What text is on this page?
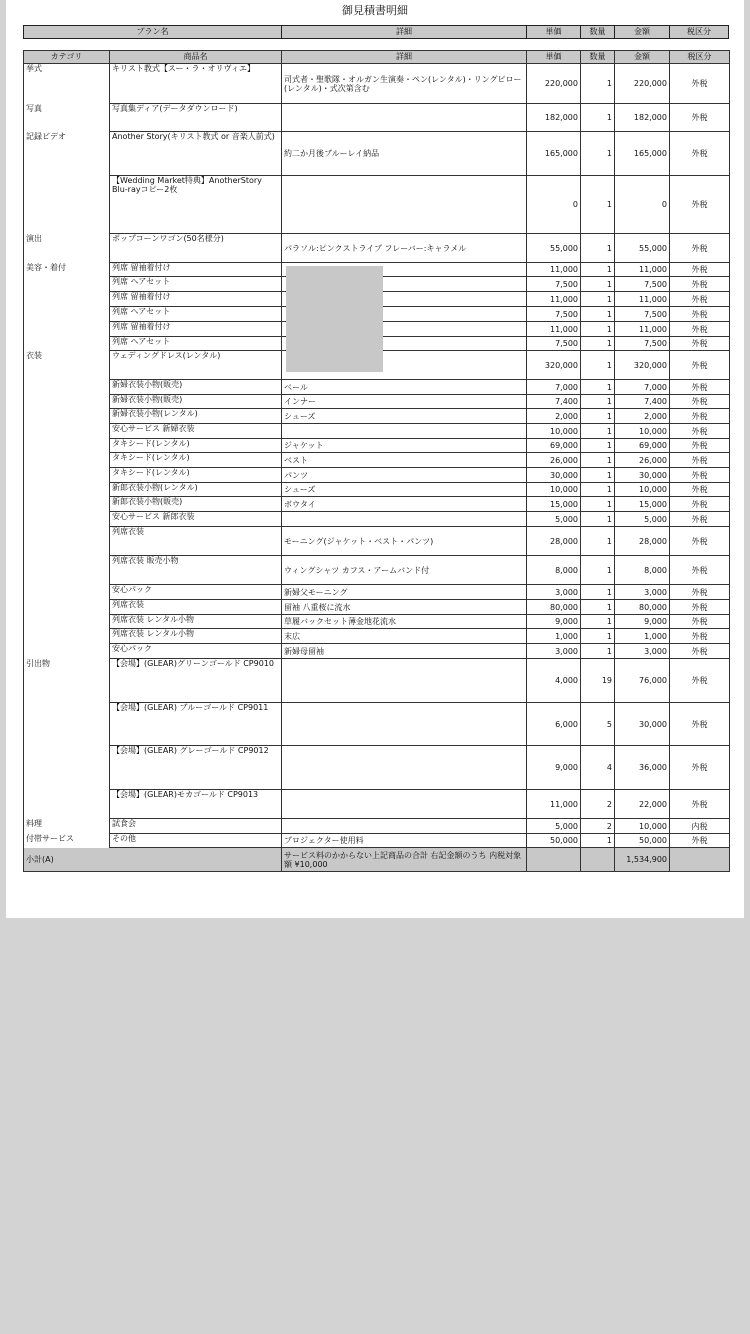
御見積書明細
プラン名	詳細	単価	数量	金額	税区分
カテゴリ	商品名	詳細	単価	数量	金額	税区分
挙式	キリスト教式【スー・ラ・オリヴィエ】	司式者・聖歌隊・オルガン生演奏・ペン(レンタル)・リングピロー(レンタル)・式次第含む	220,000	1	220,000	外税
写真	写真集ディア(データダウンロード)		182,000	1	182,000	外税
記録ビデオ	Another Story(キリスト教式 or 音楽人前式)	約二か月後ブルーレイ納品	165,000	1	165,000	外税
	【Wedding Market特典】AnotherStory Blu-rayコピー2枚		0	1	0	外税
演出	ポップコーンワゴン(50名様分)	パラソル:ピンクストライプ フレーバー:キャラメル	55,000	1	55,000	外税
美容・着付	列席 留袖着付け		11,000	1	11,000	外税
	列席 ヘアセット		7,500	1	7,500	外税
	列席 留袖着付け		11,000	1	11,000	外税
	列席 ヘアセット		7,500	1	7,500	外税
	列席 留袖着付け		11,000	1	11,000	外税
	列席 ヘアセット		7,500	1	7,500	外税
衣装	ウェディングドレス(レンタル)		320,000	1	320,000	外税
	新婦衣装小物(販売)	ベール	7,000	1	7,000	外税
	新婦衣装小物(販売)	インナー	7,400	1	7,400	外税
	新婦衣装小物(レンタル)	シューズ	2,000	1	2,000	外税
	安心サービス 新婦衣装		10,000	1	10,000	外税
	タキシード(レンタル)	ジャケット	69,000	1	69,000	外税
	タキシード(レンタル)	ベスト	26,000	1	26,000	外税
	タキシード(レンタル)	パンツ	30,000	1	30,000	外税
	新郎衣装小物(レンタル)	シューズ	10,000	1	10,000	外税
	新郎衣装小物(販売)	ボウタイ	15,000	1	15,000	外税
	安心サービス 新郎衣装		5,000	1	5,000	外税
	列席衣装	モーニング(ジャケット・ベスト・パンツ)	28,000	1	28,000	外税
	列席衣装 販売小物	ウィングシャツ カフス・アームバンド付	8,000	1	8,000	外税
	安心パック	新婦父モーニング	3,000	1	3,000	外税
	列席衣装	留袖 八重桜に流水	80,000	1	80,000	外税
	列席衣装 レンタル小物	草履バックセット薄金地花流水	9,000	1	9,000	外税
	列席衣装 レンタル小物	末広	1,000	1	1,000	外税
	安心パック	新婦母留袖	3,000	1	3,000	外税
引出物	【会場】(GLEAR)グリーンゴールド CP9010		4,000	19	76,000	外税
	【会場】(GLEAR) ブルーゴールド CP9011		6,000	5	30,000	外税
	【会場】(GLEAR) グレーゴールド CP9012		9,000	4	36,000	外税
	【会場】(GLEAR)モカゴールド CP9013		11,000	2	22,000	外税
料理	試食会		5,000	2	10,000	内税
付帯サービス	その他	プロジェクター使用料	50,000	1	50,000	外税
小計(A)		サービス料のかからない上記商品の合計 右記金額のうち 内税対象額 ¥10,000			1,534,900	
